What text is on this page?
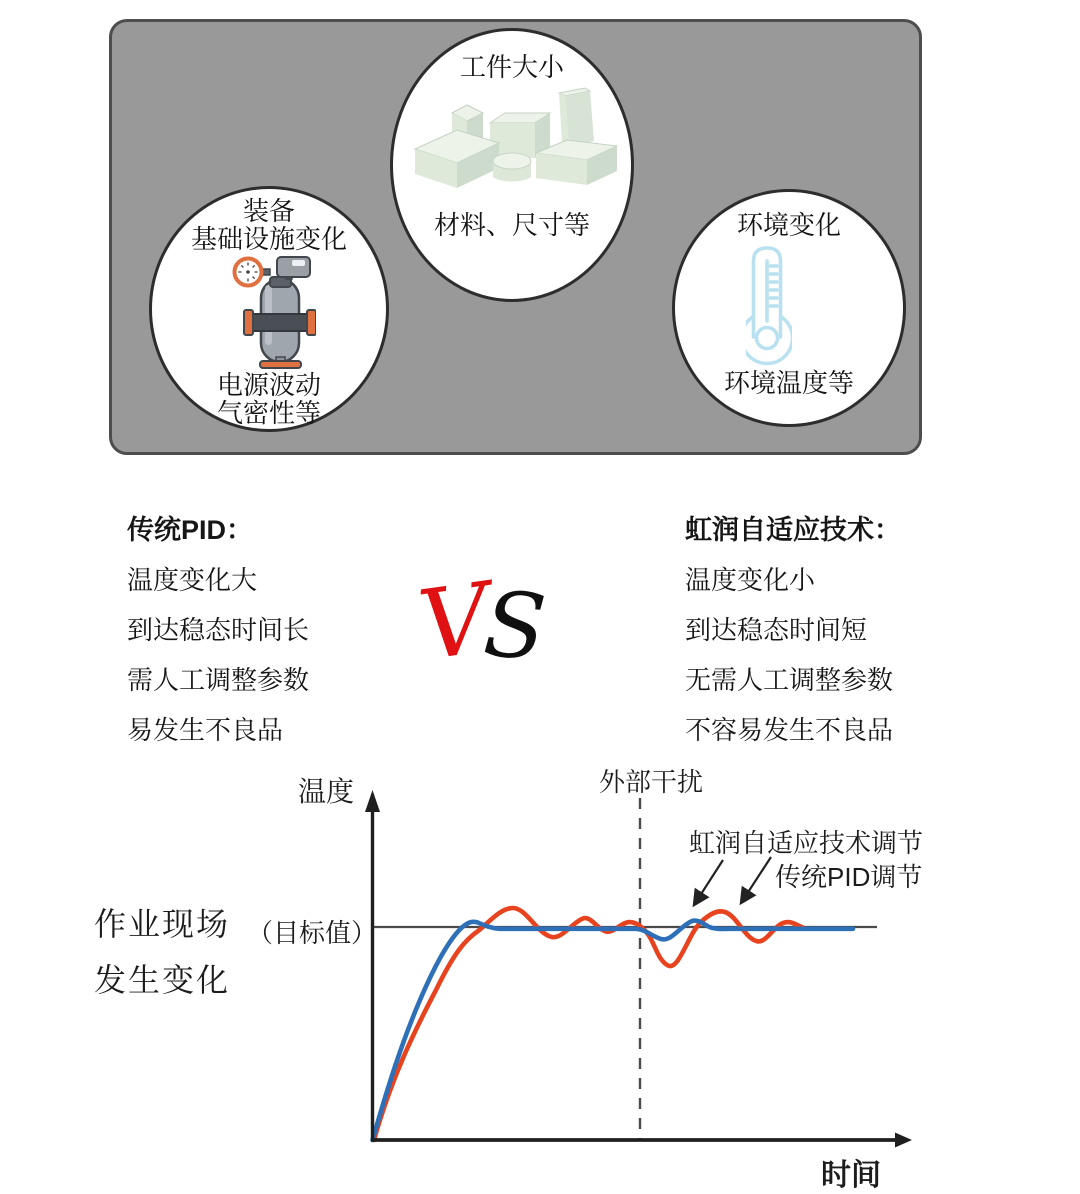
工件大小
材料、尺寸等
装备
基础设施变化
电源波动
气密性等
环境变化
环境温度等
传统PID：
温度变化大
到达稳态时间长
需人工调整参数
易发生不良品
V
S
虹润自适应技术：
温度变化小
到达稳态时间短
无需人工调整参数
不容易发生不良品
温度
时间
外部干扰
（目标值）
作业现场
发生变化
虹润自适应技术调节
传统PID调节
